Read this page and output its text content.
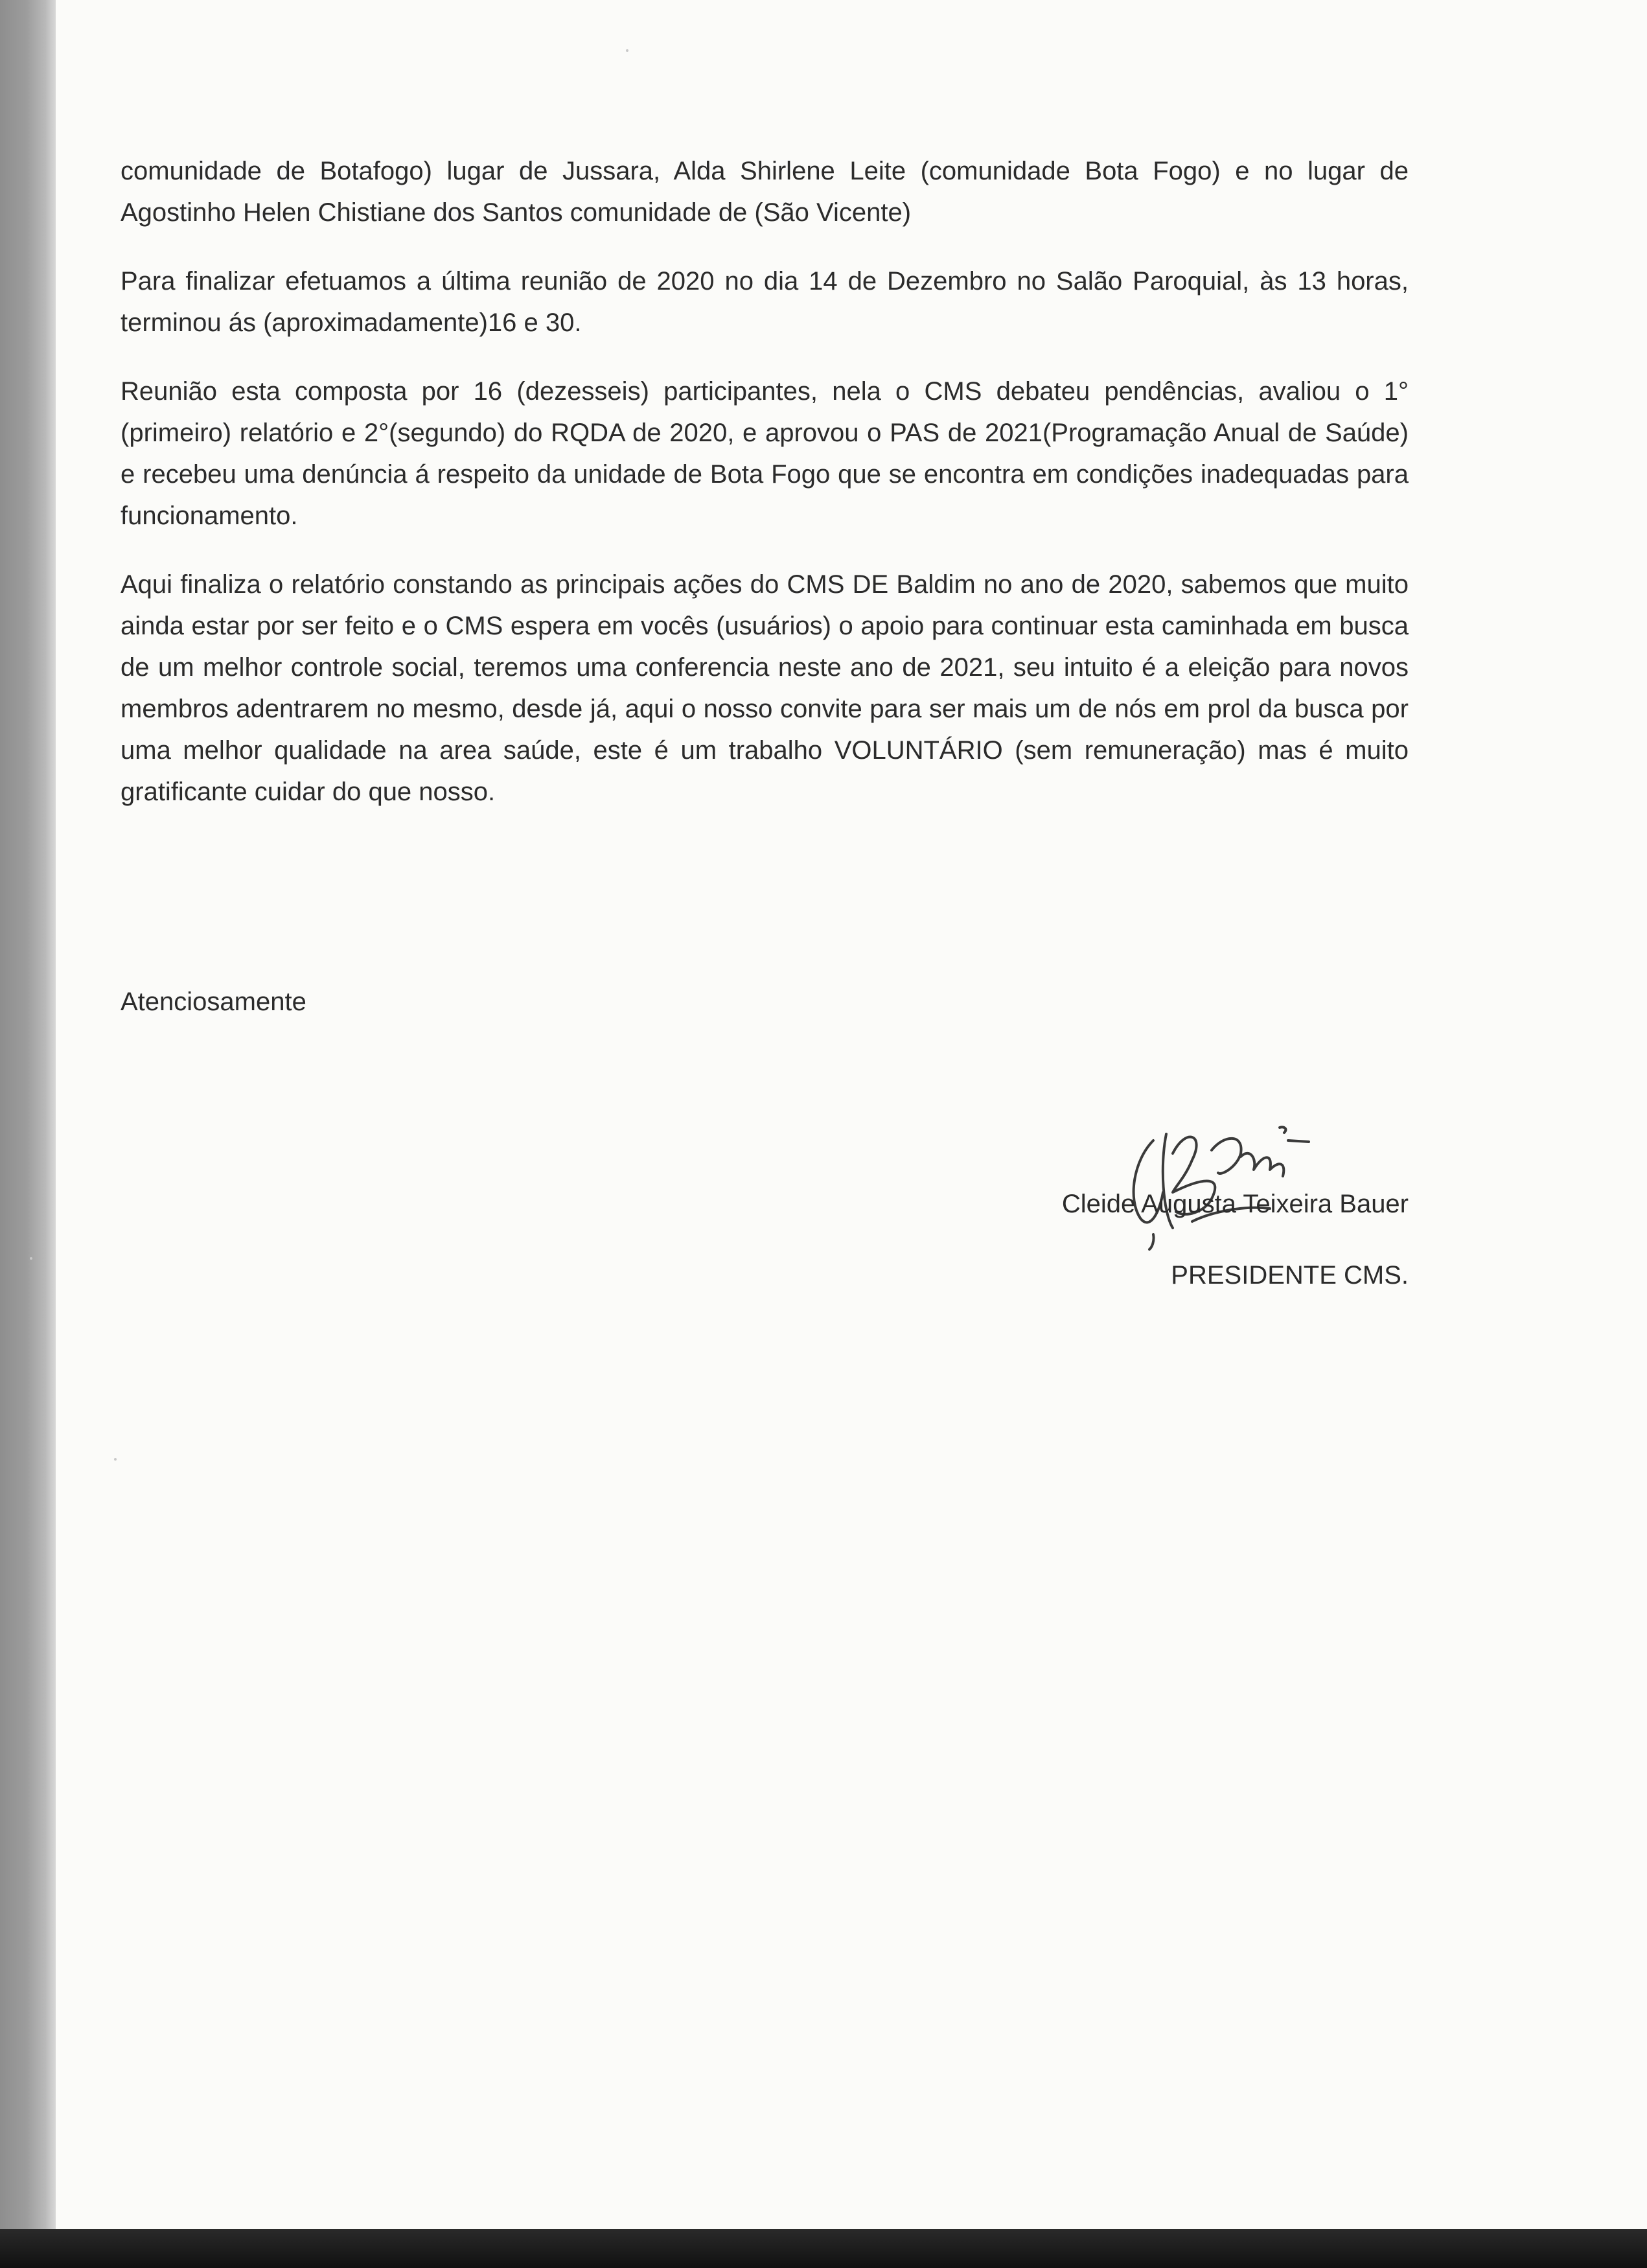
comunidade de Botafogo) lugar de Jussara, Alda Shirlene Leite (comunidade Bota Fogo) e no lugar de Agostinho Helen Chistiane dos Santos comunidade de (São Vicente)

Para finalizar efetuamos a última reunião de 2020 no dia 14 de Dezembro no Salão Paroquial, às 13 horas, terminou ás (aproximadamente)16 e 30.

Reunião esta composta por 16 (dezesseis) participantes, nela o CMS debateu pendências, avaliou o 1°(primeiro) relatório e 2°(segundo) do RQDA de 2020, e aprovou o PAS de 2021(Programação Anual de Saúde) e recebeu uma denúncia á respeito da unidade de Bota Fogo que se encontra em condições inadequadas para funcionamento.

Aqui finaliza o relatório constando as principais ações do CMS DE Baldim no ano de 2020, sabemos que muito ainda estar por ser feito e o CMS espera em vocês (usuários) o apoio para continuar esta caminhada em busca de um melhor controle social, teremos uma conferencia neste ano de 2021, seu intuito é a eleição para novos membros adentrarem no mesmo, desde já, aqui o nosso convite para ser mais um de nós em prol da busca por uma melhor qualidade na area saúde, este é um trabalho VOLUNTÁRIO (sem remuneração) mas é muito gratificante cuidar do que nosso.

Atenciosamente

Cleide Augusta Teixeira Bauer

PRESIDENTE CMS.
